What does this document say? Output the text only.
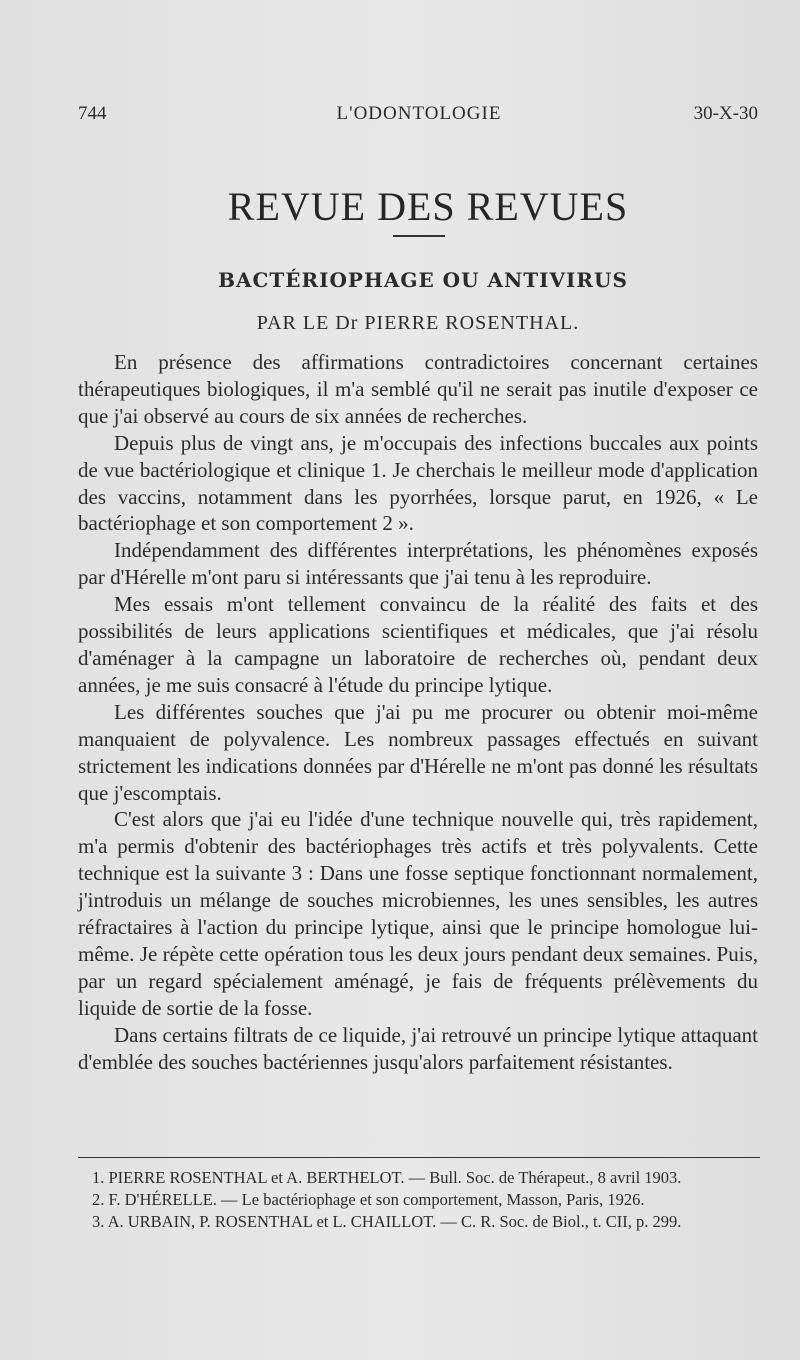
744	L'ODONTOLOGIE	30-X-30
REVUE DES REVUES
BACTÉRIOPHAGE OU ANTIVIRUS
PAR LE Dr PIERRE ROSENTHAL.

En présence des affirmations contradictoires concernant certaines thérapeutiques biologiques, il m'a semblé qu'il ne serait pas inutile d'exposer ce que j'ai observé au cours de six années de recherches.

Depuis plus de vingt ans, je m'occupais des infections buccales aux points de vue bactériologique et clinique 1. Je cherchais le meilleur mode d'application des vaccins, notamment dans les pyorrhées, lorsque parut, en 1926, « Le bactériophage et son comportement 2 ».

Indépendamment des différentes interprétations, les phénomènes exposés par d'Hérelle m'ont paru si intéressants que j'ai tenu à les reproduire.

Mes essais m'ont tellement convaincu de la réalité des faits et des possibilités de leurs applications scientifiques et médicales, que j'ai résolu d'aménager à la campagne un laboratoire de recherches où, pendant deux années, je me suis consacré à l'étude du principe lytique.

Les différentes souches que j'ai pu me procurer ou obtenir moi-même manquaient de polyvalence. Les nombreux passages effectués en suivant strictement les indications données par d'Hérelle ne m'ont pas donné les résultats que j'escomptais.

C'est alors que j'ai eu l'idée d'une technique nouvelle qui, très rapidement, m'a permis d'obtenir des bactériophages très actifs et très polyvalents. Cette technique est la suivante 3 : Dans une fosse septique fonctionnant normalement, j'introduis un mélange de souches microbiennes, les unes sensibles, les autres réfractaires à l'action du principe lytique, ainsi que le principe homologue lui-même. Je répète cette opération tous les deux jours pendant deux semaines. Puis, par un regard spécialement aménagé, je fais de fréquents prélèvements du liquide de sortie de la fosse.

Dans certains filtrats de ce liquide, j'ai retrouvé un principe lytique attaquant d'emblée des souches bactériennes jusqu'alors parfaitement résistantes.

1. PIERRE ROSENTHAL et A. BERTHELOT. — Bull. Soc. de Thérapeut., 8 avril 1903.

2. F. D'HÉRELLE. — Le bactériophage et son comportement, Masson, Paris, 1926.

3. A. URBAIN, P. ROSENTHAL et L. CHAILLOT. — C. R. Soc. de Biol., t. CII, p. 299.
